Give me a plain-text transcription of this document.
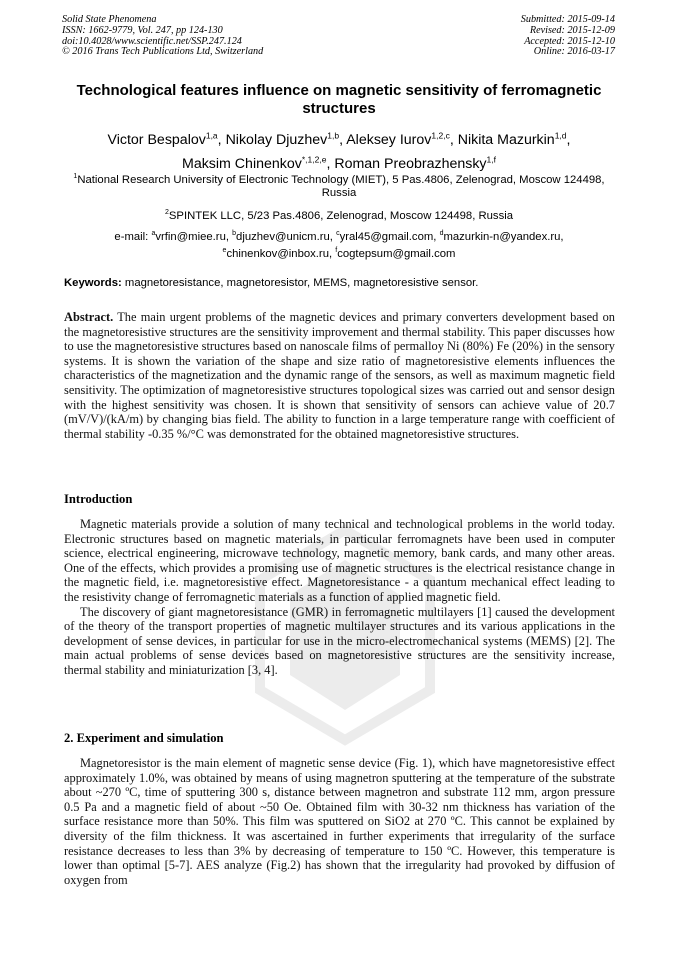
Solid State Phenomena
ISSN: 1662-9779, Vol. 247, pp 124-130
doi:10.4028/www.scientific.net/SSP.247.124
© 2016 Trans Tech Publications Ltd, Switzerland
Submitted: 2015-09-14
Revised: 2015-12-09
Accepted: 2015-12-10
Online: 2016-03-17
Technological features influence on magnetic sensitivity of ferromagnetic structures
Victor Bespalov$^{1,a}$, Nikolay Djuzhev$^{1,b}$, Aleksey Iurov$^{1,2,c}$, Nikita Mazurkin$^{1,d}$,
Maksim Chinenkov$^{*,1,2,e}$, Roman Preobrazhensky$^{1,f}$
$^1$National Research University of Electronic Technology (MIET), 5 Pas.4806, Zelenograd, Moscow 124498, Russia
$^2$SPINTEK LLC, 5/23 Pas.4806, Zelenograd, Moscow 124498, Russia
e-mail: $^a$vrfin@miee.ru, $^b$djuzhev@unicm.ru, $^c$yral45@gmail.com, $^d$mazurkin-n@yandex.ru,
$^e$chinenkov@inbox.ru, $^f$cogtepsum@gmail.com
Keywords: magnetoresistance, magnetoresistor, MEMS, magnetoresistive sensor.

Abstract. The main urgent problems of the magnetic devices and primary converters development based on the magnetoresistive structures are the sensitivity improvement and thermal stability. This paper discusses how to use the magnetoresistive structures based on nanoscale films of permalloy Ni (80%) Fe (20%) in the sensory systems. It is shown the variation of the shape and size ratio of magnetoresistive elements influences the characteristics of the magnetization and the dynamic range of the sensors, as well as maximum magnetic field sensitivity. The optimization of magnetoresistive structures topological sizes was carried out and sensor design with the highest sensitivity was chosen. It is shown that sensitivity of sensors can achieve value of 20.7 (mV/V)/(kA/m) by changing bias field. The ability to function in a large temperature range with coefficient of thermal stability -0.35 %/°C was demonstrated for the obtained magnetoresistive structures.

Introduction

Magnetic materials provide a solution of many technical and technological problems in the world today. Electronic structures based on magnetic materials, in particular ferromagnets have been used in computer science, electrical engineering, microwave technology, magnetic memory, bank cards, and many other areas. One of the effects, which provides a promising use of magnetic structures is the electrical resistance change in the magnetic field, i.e. magnetoresistive effect. Magnetoresistance - a quantum mechanical effect leading to the resistivity change of ferromagnetic materials as a function of applied magnetic field.

The discovery of giant magnetoresistance (GMR) in ferromagnetic multilayers [1] caused the development of the theory of the transport properties of magnetic multilayer structures and its various applications in the development of sense devices, in particular for use in the micro-electromechanical systems (MEMS) [2]. The main actual problems of sense devices based on magnetoresistive structures are the sensitivity increase, thermal stability and miniaturization [3, 4].

2. Experiment and simulation

Magnetoresistor is the main element of magnetic sense device (Fig. 1), which have magnetoresistive effect approximately 1.0%, was obtained by means of using magnetron sputtering at the temperature of the substrate about ~270 ºC, time of sputtering 300 s, distance between magnetron and substrate 112 mm, argon pressure 0.5 Pa and a magnetic field of about ~50 Oe. Obtained film with 30-32 nm thickness has variation of the surface resistance more than 50%. This film was sputtered on SiO2 at 270 ºC. This cannot be explained by diversity of the film thickness. It was ascertained in further experiments that irregularity of the surface resistance decreases to less than 3% by decreasing of temperature to 150 ºC. However, this temperature is lower than optimal [5-7]. AES analyze (Fig.2) has shown that the irregularity had provoked by diffusion of oxygen from
